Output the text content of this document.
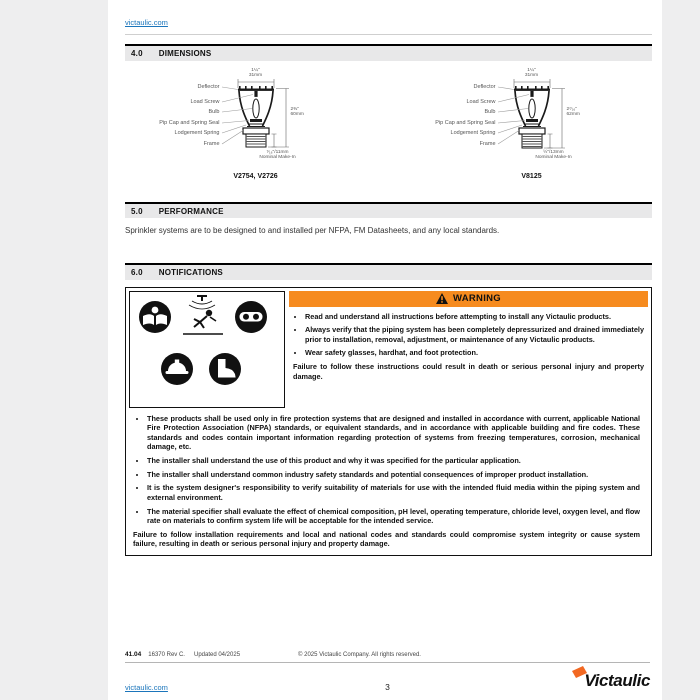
victaulic.com
4.0 DIMENSIONS
Deflector
Load Screw
Bulb
Pip Cap and Spring Seal
Lodgement Spring
Frame
1¼"
31mm
2⅜"
60mm
⁷⁄₁₆"/11mm
Nominal Make-In
V2754, V2726
Deflector
Load Screw
Bulb
Pip Cap and Spring Seal
Lodgement Spring
Frame
1¼"
31mm
2⁷⁄₁₆"
62mm
½"/13mm
Nominal Make-In
V8125
5.0 PERFORMANCE

Sprinkler systems are to be designed to and installed per NFPA, FM Datasheets, and any local standards.

6.0 NOTIFICATIONS
WARNING
• Read and understand all instructions before attempting to install any Victaulic products.
• Always verify that the piping system has been completely depressurized and drained immediately prior to installation, removal, adjustment, or maintenance of any Victaulic products.
• Wear safety glasses, hardhat, and foot protection.

Failure to follow these instructions could result in death or serious personal injury and property damage.

• These products shall be used only in fire protection systems that are designed and installed in accordance with current, applicable National Fire Protection Association (NFPA) standards, or equivalent standards, and in accordance with applicable building and fire codes. These standards and codes contain important information regarding protection of systems from freezing temperatures, corrosion, mechanical damage, etc.
• The installer shall understand the use of this product and why it was specified for the particular application.
• The installer shall understand common industry safety standards and potential consequences of improper product installation.
• It is the system designer's responsibility to verify suitability of materials for use with the intended fluid media within the piping system and external environment.
• The material specifier shall evaluate the effect of chemical composition, pH level, operating temperature, chloride level, oxygen level, and flow rate on materials to confirm system life will be acceptable for the intended service.

Failure to follow installation requirements and local and national codes and standards could compromise system integrity or cause system failure, resulting in death or serious personal injury and property damage.

41.04 16370 Rev C. Updated 04/2025	© 2025 Victaulic Company. All rights reserved.
victaulic.com	3	Victaulic
